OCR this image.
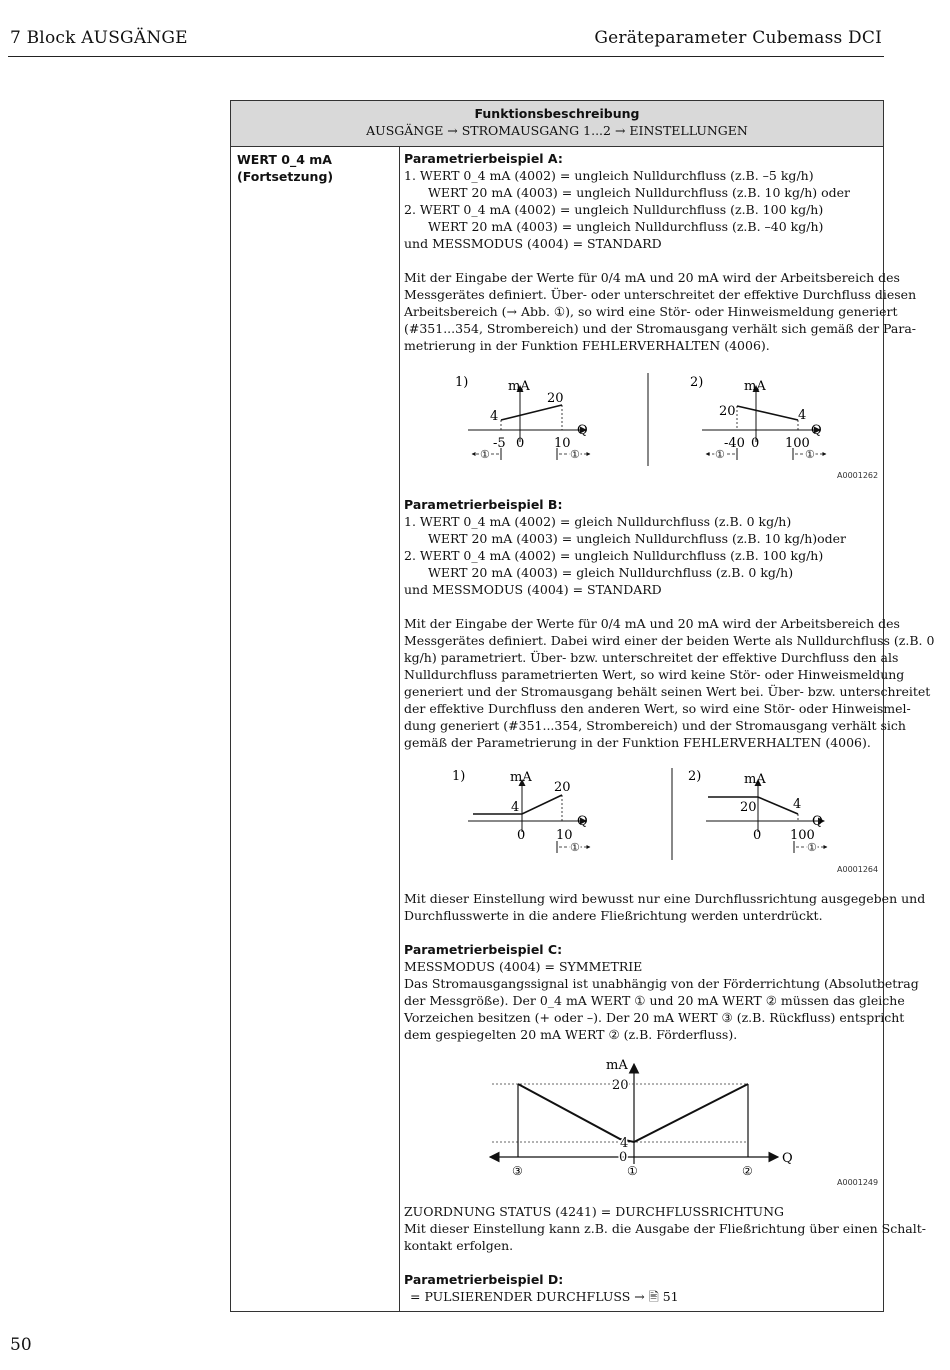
7 Block AUSGÄNGE	Geräteparameter Cubemass DCI
Funktionsbeschreibung
AUSGÄNGE → STROMAUSGANG 1...2 → EINSTELLUNGEN
WERT 0_4 mA
(Fortsetzung)
Parametrierbeispiel A:
1. WERT 0_4 mA (4002) = ungleich Nulldurchfluss (z.B. –5 kg/h)
WERT 20 mA (4003) = ungleich Nulldurchfluss (z.B. 10 kg/h) oder
2. WERT 0_4 mA (4002) = ungleich Nulldurchfluss (z.B. 100 kg/h)
WERT 20 mA (4003) = ungleich Nulldurchfluss (z.B. –40 kg/h)
und MESSMODUS (4004) = STANDARD
Mit der Eingabe der Werte für 0/4 mA und 20 mA wird der Arbeitsbereich des
Messgerätes definiert. Über- oder unterschreitet der effektive Durchfluss diesen
Arbeitsbereich (→ Abb. ①), so wird eine Stör- oder Hinweismeldung generiert
(#351...354, Strombereich) und der Stromausgang verhält sich gemäß der Para-
metrierung in der Funktion FEHLERVERHALTEN (4006).
1)	mA
4
20
Q
-5 0 10
①	①
2)	mA
20	4
Q
-40 0 100
①	①
A0001262
Parametrierbeispiel B:
1. WERT 0_4 mA (4002) = gleich Nulldurchfluss (z.B. 0 kg/h)
WERT 20 mA (4003) = ungleich Nulldurchfluss (z.B. 10 kg/h)oder
2. WERT 0_4 mA (4002) = ungleich Nulldurchfluss (z.B. 100 kg/h)
WERT 20 mA (4003) = gleich Nulldurchfluss (z.B. 0 kg/h)
und MESSMODUS (4004) = STANDARD
Mit der Eingabe der Werte für 0/4 mA und 20 mA wird der Arbeitsbereich des
Messgerätes definiert. Dabei wird einer der beiden Werte als Nulldurchfluss (z.B. 0
kg/h) parametriert. Über- bzw. unterschreitet der effektive Durchfluss den als
Nulldurchfluss parametrierten Wert, so wird keine Stör- oder Hinweismeldung
generiert und der Stromausgang behält seinen Wert bei. Über- bzw. unterschreitet
der effektive Durchfluss den anderen Wert, so wird eine Stör- oder Hinweismel-
dung generiert (#351...354, Strombereich) und der Stromausgang verhält sich
gemäß der Parametrierung in der Funktion FEHLERVERHALTEN (4006).
1)	mA
4
20
Q
0 10
①
2)	mA
20	4
Q
0 100
①
A0001264
Mit dieser Einstellung wird bewusst nur eine Durchflussrichtung ausgegeben und
Durchflusswerte in die andere Fließrichtung werden unterdrückt.
Parametrierbeispiel C:
MESSMODUS (4004) = SYMMETRIE
Das Stromausgangssignal ist unabhängig von der Förderrichtung (Absolutbetrag
der Messgröße). Der 0_4 mA WERT ① und 20 mA WERT ② müssen das gleiche
Vorzeichen besitzen (+ oder –). Der 20 mA WERT ③ (z.B. Rückfluss) entspricht
dem gespiegelten 20 mA WERT ② (z.B. Förderfluss).
mA
20
4
0	Q
③	①	②
A0001249
ZUORDNUNG STATUS (4241) = DURCHFLUSSRICHTUNG
Mit dieser Einstellung kann z.B. die Ausgabe der Fließrichtung über einen Schalt-
kontakt erfolgen.
Parametrierbeispiel D:
= PULSIERENDER DURCHFLUSS → 🖹 51
50
